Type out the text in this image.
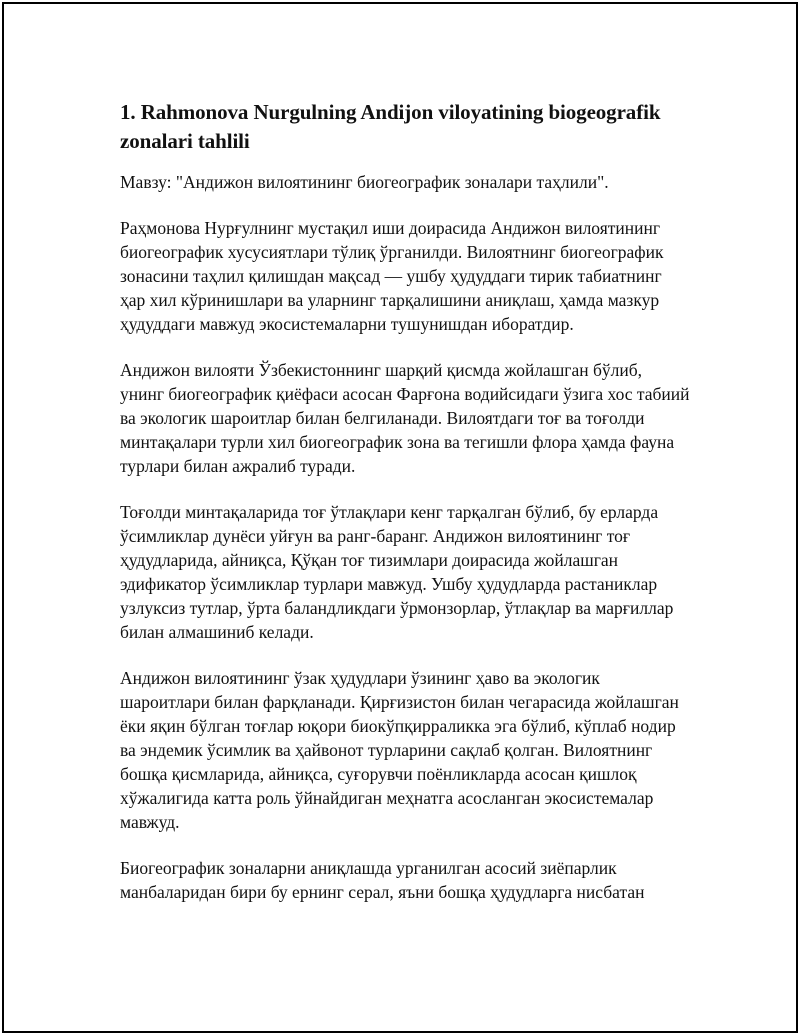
1. Rahmonova Nurgulning Andijon viloyatining biogeografik zonalari tahlili

Мавзу: "Андижон вилоятининг биогеографик зоналари таҳлили".

Раҳмонова Нурғулнинг мустақил иши доирасида Андижон вилоятининг биогеографик хусусиятлари тўлиқ ўрганилди. Вилоятнинг биогеографик зонасини таҳлил қилишдан мақсад — ушбу ҳудуддаги тирик табиатнинг ҳар хил кўринишлари ва уларнинг тарқалишини аниқлаш, ҳамда мазкур ҳудуддаги мавжуд экосистемаларни тушунишдан иборатдир.

Андижон вилояти Ўзбекистоннинг шарқий қисмда жойлашган бўлиб, унинг биогеографик қиёфаси асосан Фарғона водийсидаги ўзига хос табиий ва экологик шароитлар билан белгиланади. Вилоятдаги тоғ ва тоғолди минтақалари турли хил биогеографик зона ва тегишли флора ҳамда фауна турлари билан ажралиб туради.

Тоғолди минтақаларида тоғ ўтлақлари кенг тарқалган бўлиб, бу ерларда ўсимликлар дунёси уйғун ва ранг-баранг. Андижон вилоятининг тоғ ҳудудларида, айниқса, Қўқан тоғ тизимлари доирасида жойлашган эдификатор ўсимликлар турлари мавжуд. Ушбу ҳудудларда растаниклар узлуксиз тутлар, ўрта баландликдаги ўрмонзорлар, ўтлақлар ва марғиллар билан алмашиниб келади.

Андижон вилоятининг ўзак ҳудудлари ўзининг ҳаво ва экологик шароитлари билан фарқланади. Қирғизистон билан чегарасида жойлашган ёки яқин бўлган тоғлар юқори биокўпқирраликка эга бўлиб, кўплаб нодир ва эндемик ўсимлик ва ҳайвонот турларини сақлаб қолган. Вилоятнинг бошқа қисмларида, айниқса, суғорувчи поёнликларда асосан қишлоқ хўжалигида катта роль ўйнайдиган меҳнатга асосланган экосистемалар мавжуд.

Биогеографик зоналарни аниқлашда урганилган асосий зиёпарлик манбаларидан бири бу ернинг серал, яъни бошқа ҳудудларга нисбатан
